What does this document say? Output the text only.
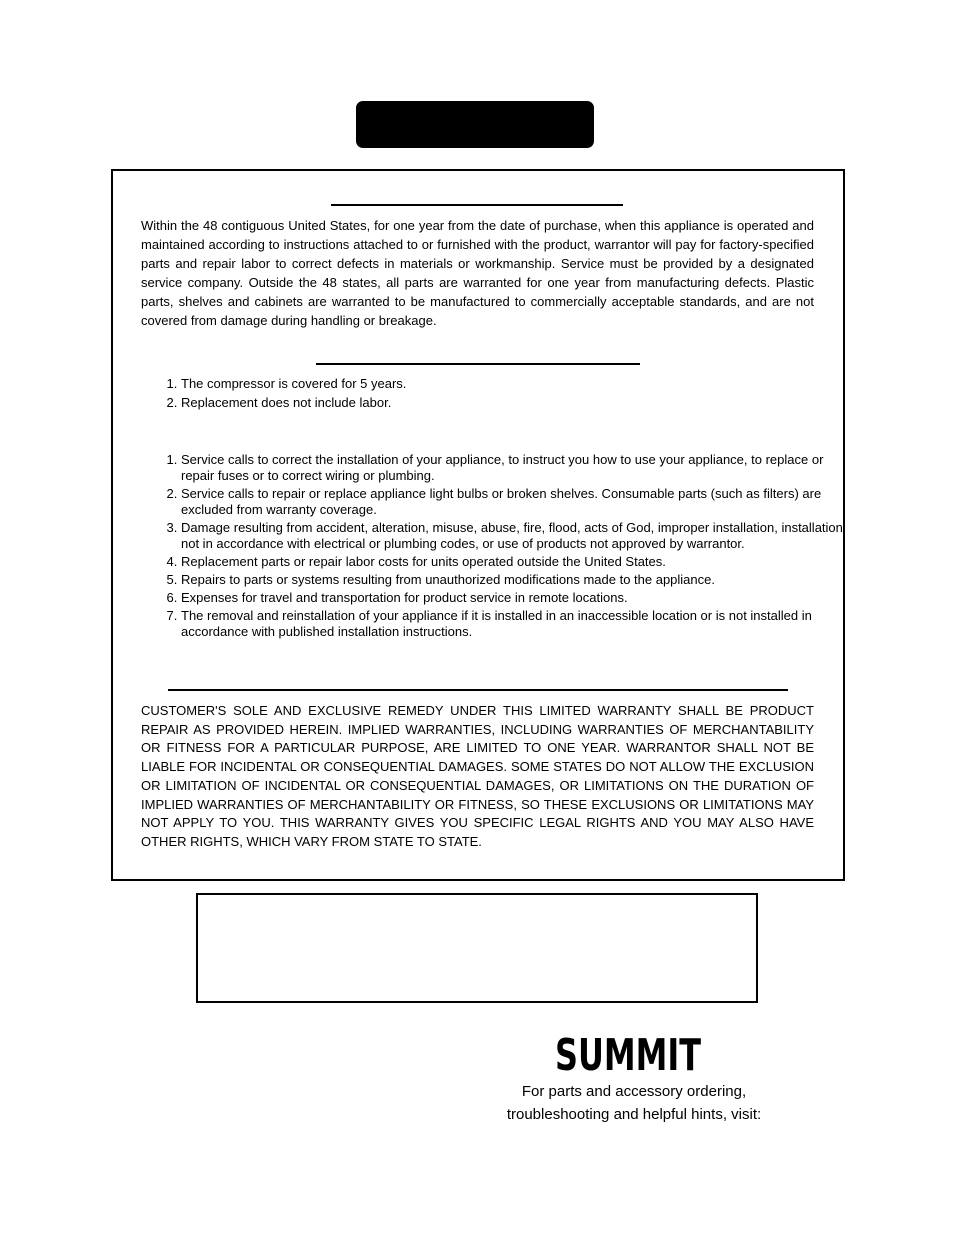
Within the 48 contiguous United States, for one year from the date of purchase, when this appliance is operated and maintained according to instructions attached to or furnished with the product, warrantor will pay for factory-specified parts and repair labor to correct defects in materials or workmanship. Service must be provided by a designated service company. Outside the 48 states, all parts are warranted for one year from manufacturing defects. Plastic parts, shelves and cabinets are warranted to be manufactured to commercially acceptable standards, and are not covered from damage during handling or breakage.

1. The compressor is covered for 5 years.
2. Replacement does not include labor.
1. Service calls to correct the installation of your appliance, to instruct you how to use your appliance, to replace or repair fuses or to correct wiring or plumbing.
2. Service calls to repair or replace appliance light bulbs or broken shelves. Consumable parts (such as filters) are excluded from warranty coverage.
3. Damage resulting from accident, alteration, misuse, abuse, fire, flood, acts of God, improper installation, installation not in accordance with electrical or plumbing codes, or use of products not approved by warrantor.
4. Replacement parts or repair labor costs for units operated outside the United States.
5. Repairs to parts or systems resulting from unauthorized modifications made to the appliance.
6. Expenses for travel and transportation for product service in remote locations.
7. The removal and reinstallation of your appliance if it is installed in an inaccessible location or is not installed in accordance with published installation instructions.

CUSTOMER'S SOLE AND EXCLUSIVE REMEDY UNDER THIS LIMITED WARRANTY SHALL BE PRODUCT REPAIR AS PROVIDED HEREIN. IMPLIED WARRANTIES, INCLUDING WARRANTIES OF MERCHANTABILITY OR FITNESS FOR A PARTICULAR PURPOSE, ARE LIMITED TO ONE YEAR. WARRANTOR SHALL NOT BE LIABLE FOR INCIDENTAL OR CONSEQUENTIAL DAMAGES. SOME STATES DO NOT ALLOW THE EXCLUSION OR LIMITATION OF INCIDENTAL OR CONSEQUENTIAL DAMAGES, OR LIMITATIONS ON THE DURATION OF IMPLIED WARRANTIES OF MERCHANTABILITY OR FITNESS, SO THESE EXCLUSIONS OR LIMITATIONS MAY NOT APPLY TO YOU. THIS WARRANTY GIVES YOU SPECIFIC LEGAL RIGHTS AND YOU MAY ALSO HAVE OTHER RIGHTS, WHICH VARY FROM STATE TO STATE.

SUMMIT
For parts and accessory ordering,
troubleshooting and helpful hints, visit:
